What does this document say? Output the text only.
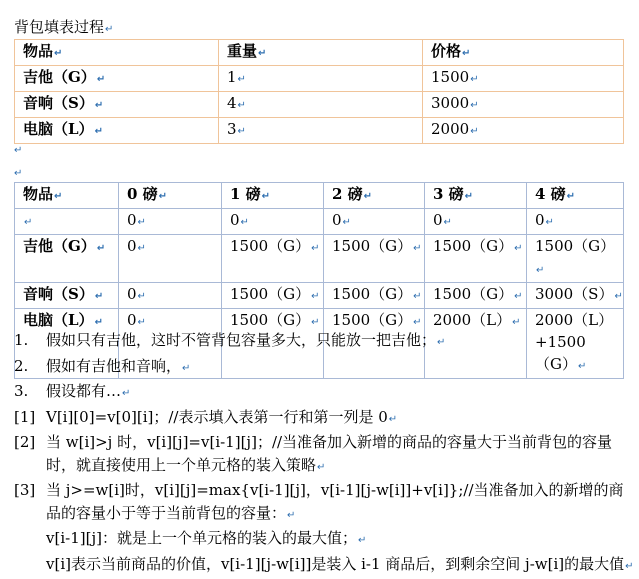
背包填表过程↵
物品↵	重量↵	价格↵
吉他（G）↵	1↵	1500↵
音响（S）↵	4↵	3000↵
电脑（L）↵	3↵	2000↵
↵
↵
物品↵	0 磅↵	1 磅↵	2 磅↵	3 磅↵	4 磅↵
↵	0↵	0↵	0↵	0↵	0↵
吉他（G）↵	0↵	1500（G）↵	1500（G）↵	1500（G）↵	1500（G）↵
音响（S）↵	0↵	1500（G）↵	1500（G）↵	1500（G）↵	3000（S）↵
电脑（L）↵	0↵	1500（G）↵	1500（G）↵	2000（L）↵	2000（L）+1500（G）↵
1. 假如只有吉他，这时不管背包容量多大，只能放一把吉他；↵
2. 假如有吉他和音响，↵
3. 假设都有…↵
[1] V[i][0]=v[0][i]；//表示填入表第一行和第一列是 0↵
[2] 当 w[i]>j 时，v[i][j]=v[i-1][j]；//当准备加入新增的商品的容量大于当前背包的容量时，就直接使用上一个单元格的装入策略↵
[3] 当 j>=w[i]时，v[i][j]=max{v[i-1][j]，v[i-1][j-w[i]]+v[i]};//当准备加入的新增的商品的容量小于等于当前背包的容量：↵
v[i-1][j]：就是上一个单元格的装入的最大值；↵
v[i]表示当前商品的价值，v[i-1][j-w[i]]是装入 i-1 商品后，到剩余空间 j-w[i]的最大值↵
